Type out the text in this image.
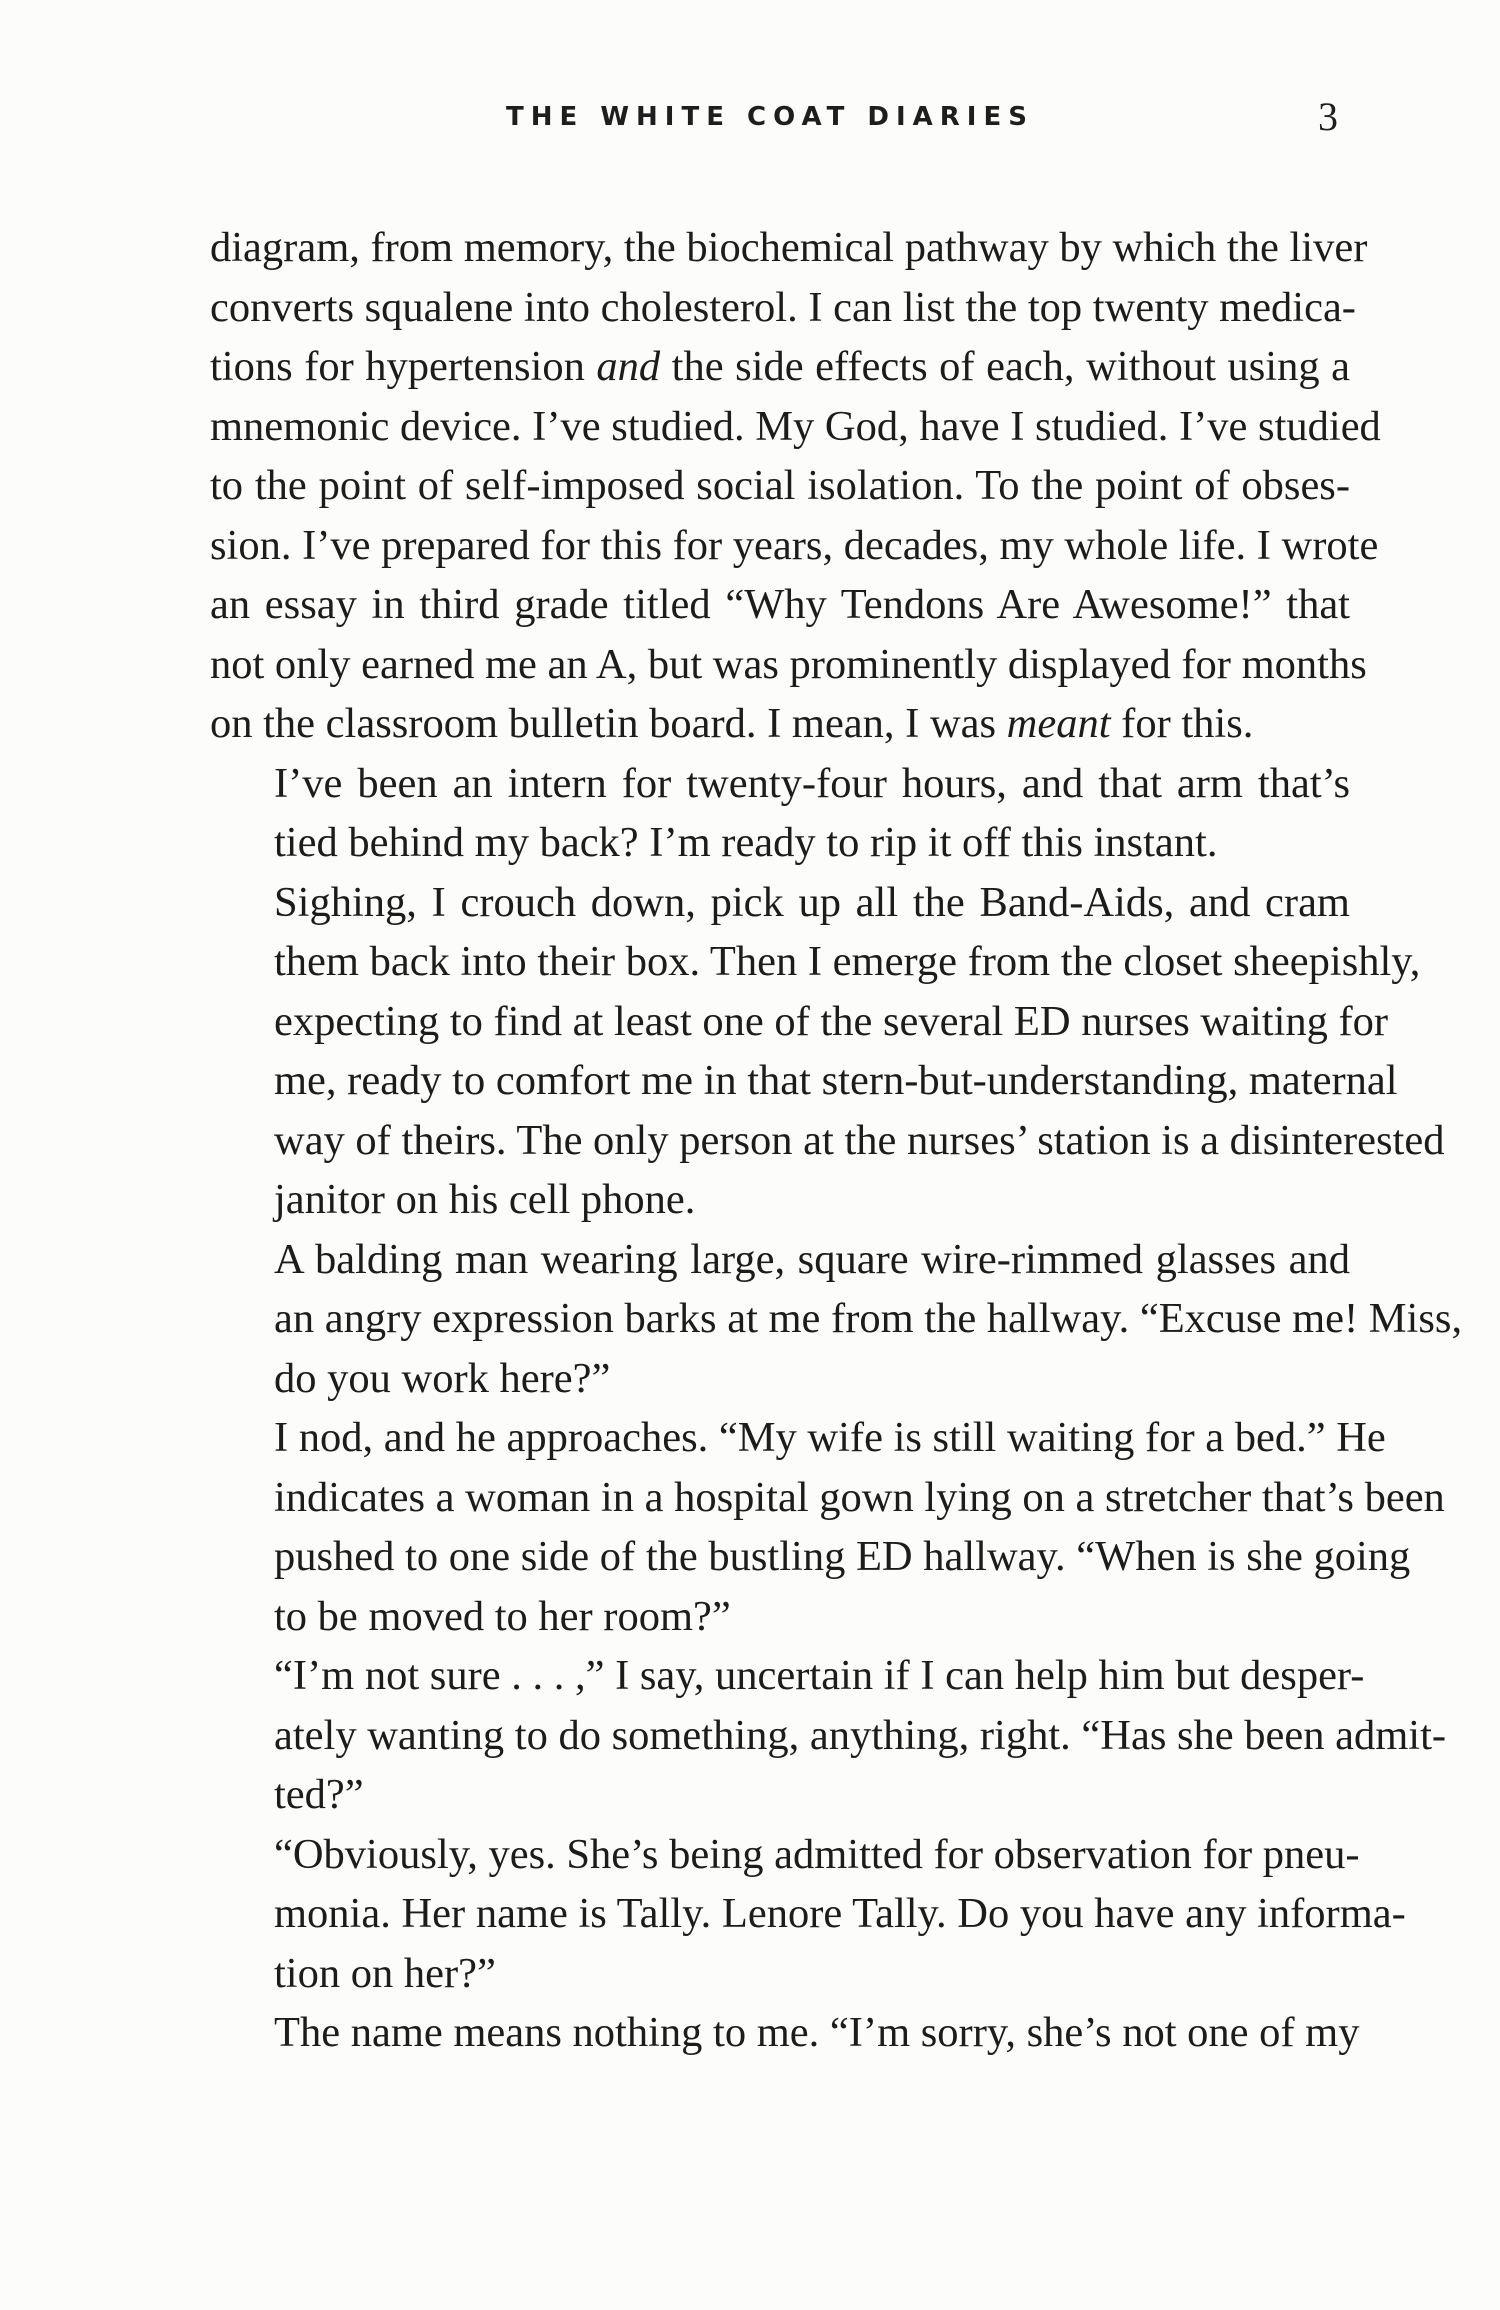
THE WHITE COAT DIARIES	3

diagram, from memory, the biochemical pathway by which the liver
converts squalene into cholesterol. I can list the top twenty medica-
tions for hypertension and the side effects of each, without using a
mnemonic device. I’ve studied. My God, have I studied. I’ve studied
to the point of self-imposed social isolation. To the point of obses-
sion. I’ve prepared for this for years, decades, my whole life. I wrote
an essay in third grade titled “Why Tendons Are Awesome!” that
not only earned me an A, but was prominently displayed for months
on the classroom bulletin board. I mean, I was meant for this.

I’ve been an intern for twenty-four hours, and that arm that’s
tied behind my back? I’m ready to rip it off this instant.

Sighing, I crouch down, pick up all the Band-Aids, and cram
them back into their box. Then I emerge from the closet sheepishly,
expecting to find at least one of the several ED nurses waiting for
me, ready to comfort me in that stern-but-understanding, maternal
way of theirs. The only person at the nurses’ station is a disinterested
janitor on his cell phone.

A balding man wearing large, square wire-rimmed glasses and
an angry expression barks at me from the hallway. “Excuse me! Miss,
do you work here?”

I nod, and he approaches. “My wife is still waiting for a bed.” He
indicates a woman in a hospital gown lying on a stretcher that’s been
pushed to one side of the bustling ED hallway. “When is she going
to be moved to her room?”

“I’m not sure . . . ,” I say, uncertain if I can help him but desper-
ately wanting to do something, anything, right. “Has she been admit-
ted?”

“Obviously, yes. She’s being admitted for observation for pneu-
monia. Her name is Tally. Lenore Tally. Do you have any informa-
tion on her?”

The name means nothing to me. “I’m sorry, she’s not one of my
